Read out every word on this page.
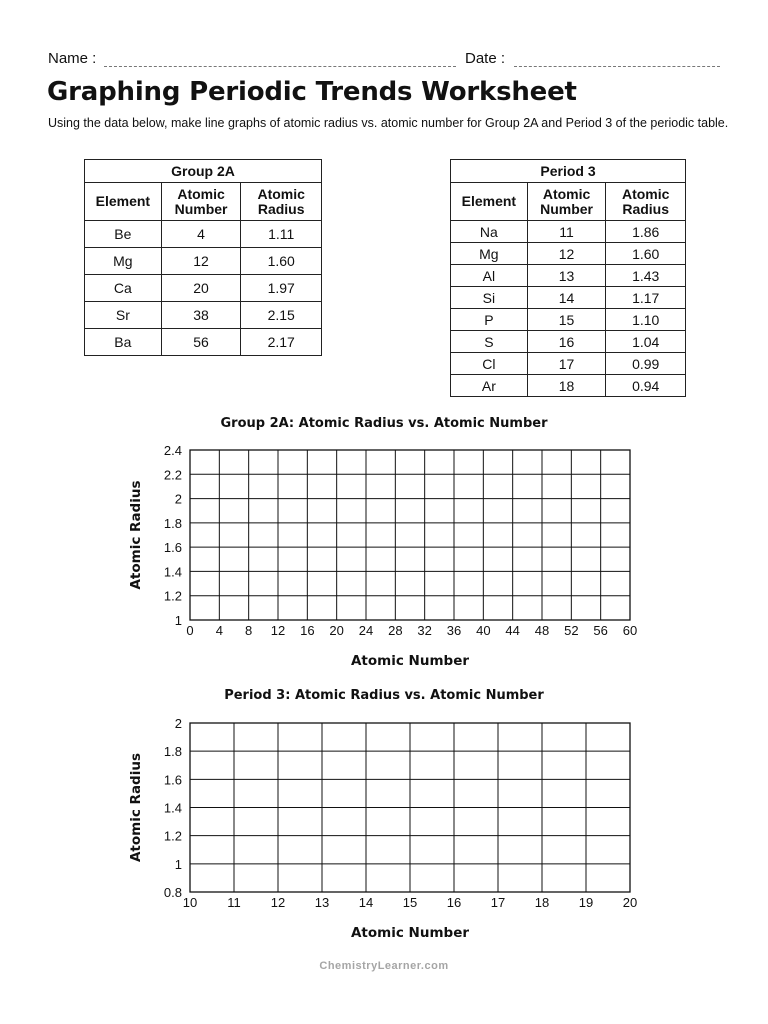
Name :	Date :
Graphing Periodic Trends Worksheet
Using the data below, make line graphs of atomic radius vs. atomic number for Group 2A and Period 3 of the periodic table.
Group 2A		
Element	Atomic Number	Atomic Radius
Be	4	1.11
Mg	12	1.60
Ca	20	1.97
Sr	38	2.15
Ba	56	2.17
Period 3		
Element	Atomic Number	Atomic Radius
Na	11	1.86
Mg	12	1.60
Al	13	1.43
Si	14	1.17
P	15	1.10
S	16	1.04
Cl	17	0.99
Ar	18	0.94
Group 2A: Atomic Radius vs. Atomic Number
0 4 8 12 16 20 24 28 32 36 40 44 48 52 56 60
1
1.2
1.4
1.6
1.8
2
2.2
2.4
Atomic Number
Atomic Radius
Period 3: Atomic Radius vs. Atomic Number
10 11 12 13 14 15 16 17 18 19 20
0.8
1
1.2
1.4
1.6
1.8
2
Atomic Number
Atomic Radius
ChemistryLearner.com
